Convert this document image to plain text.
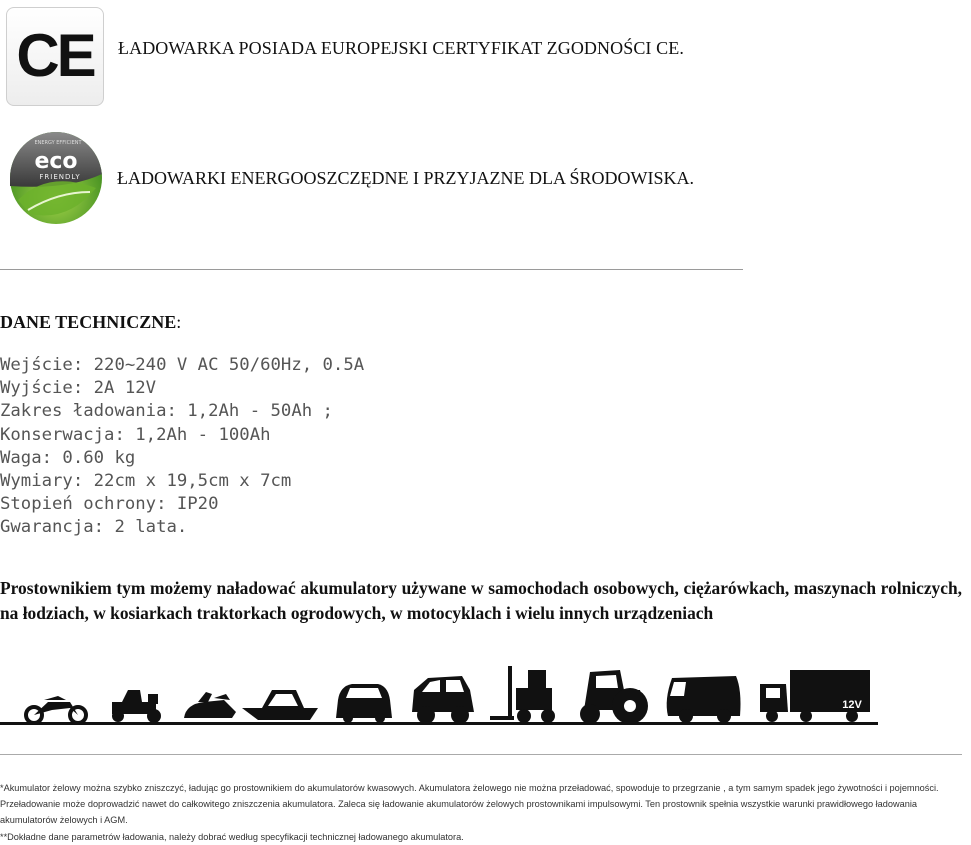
CE ŁADOWARKA POSIADA EUROPEJSKI CERTYFIKAT ZGODNOŚCI CE.
ENERGY EFFICIENT
eco
FRIENDLY ŁADOWARKI ENERGOOSZCZĘDNE I PRZYJAZNE DLA ŚRODOWISKA.
DANE TECHNICZNE:
Wejście: 220~240 V AC 50/60Hz, 0.5A
Wyjście: 2A 12V
Zakres ładowania: 1,2Ah - 50Ah ;
Konserwacja: 1,2Ah - 100Ah
Waga: 0.60 kg
Wymiary: 22cm x 19,5cm x 7cm
Stopień ochrony: IP20
Gwarancja: 2 lata.
Prostownikiem tym możemy naładować akumulatory używane w samochodach osobowych, ciężarówkach, maszynach rolniczych, na łodziach, w kosiarkach traktorkach ogrodowych, w motocyklach i wielu innych urządzeniach
12V

*Akumulator żelowy można szybko zniszczyć, ładując go prostownikiem do akumulatorów kwasowych. Akumulatora żelowego nie można przeładować, spowoduje to przegrzanie , a tym samym spadek jego żywotności i pojemności. Przeładowanie może doprowadzić nawet do całkowitego zniszczenia akumulatora. Zaleca się ładowanie akumulatorów żelowych prostownikami impulsowymi. Ten prostownik spełnia wszystkie warunki prawidłowego ładowania akumulatorów żelowych i AGM.

**Dokładne dane parametrów ładowania, należy dobrać według specyfikacji technicznej ładowanego akumulatora.
